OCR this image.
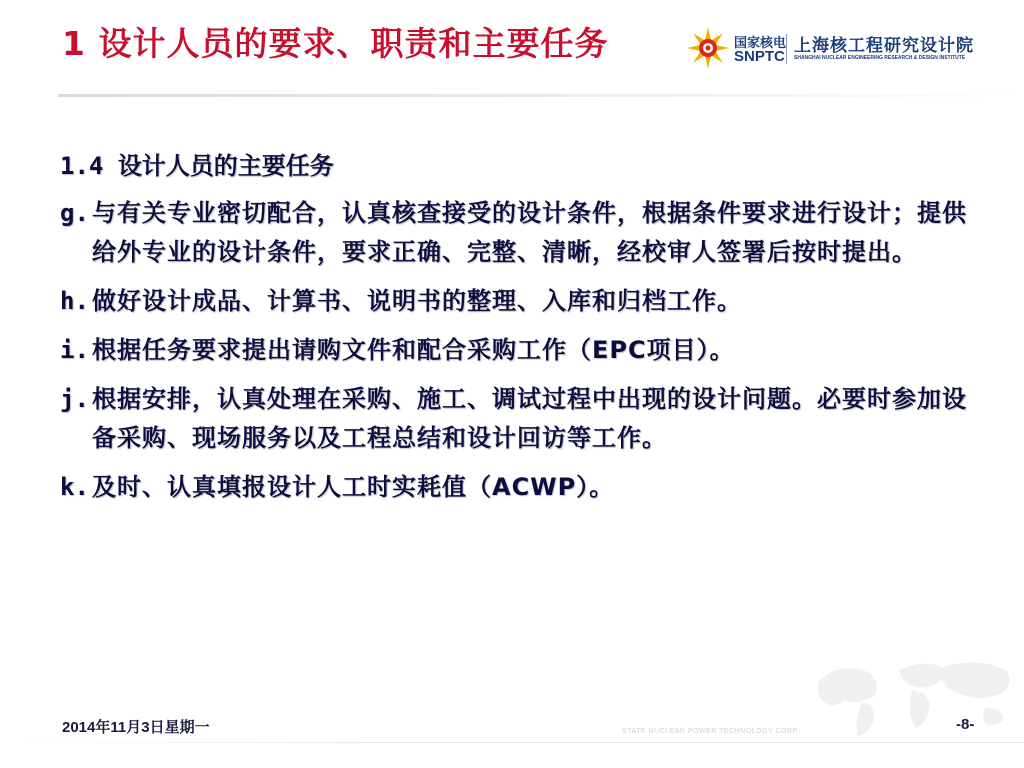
1 设计人员的要求、职责和主要任务	国家核电
SNPTC
上海核工程研究设计院
SHANGHAI NUCLEAR ENGINEERING RESEARCH & DESIGN INSTITUTE
1.4 设计人员的主要任务
g. 与有关专业密切配合，认真核查接受的设计条件，根据条件要求进行设计；提供给外专业的设计条件，要求正确、完整、清晰，经校审人签署后按时提出。
h. 做好设计成品、计算书、说明书的整理、入库和归档工作。
i. 根据任务要求提出请购文件和配合采购工作（EPC项目）。
j. 根据安排，认真处理在采购、施工、调试过程中出现的设计问题。必要时参加设备采购、现场服务以及工程总结和设计回访等工作。
k. 及时、认真填报设计人工时实耗值（ACWP）。
2014年11月3日星期一	STATE NUCLEAR POWER TECHNOLOGY CORP	-8-
